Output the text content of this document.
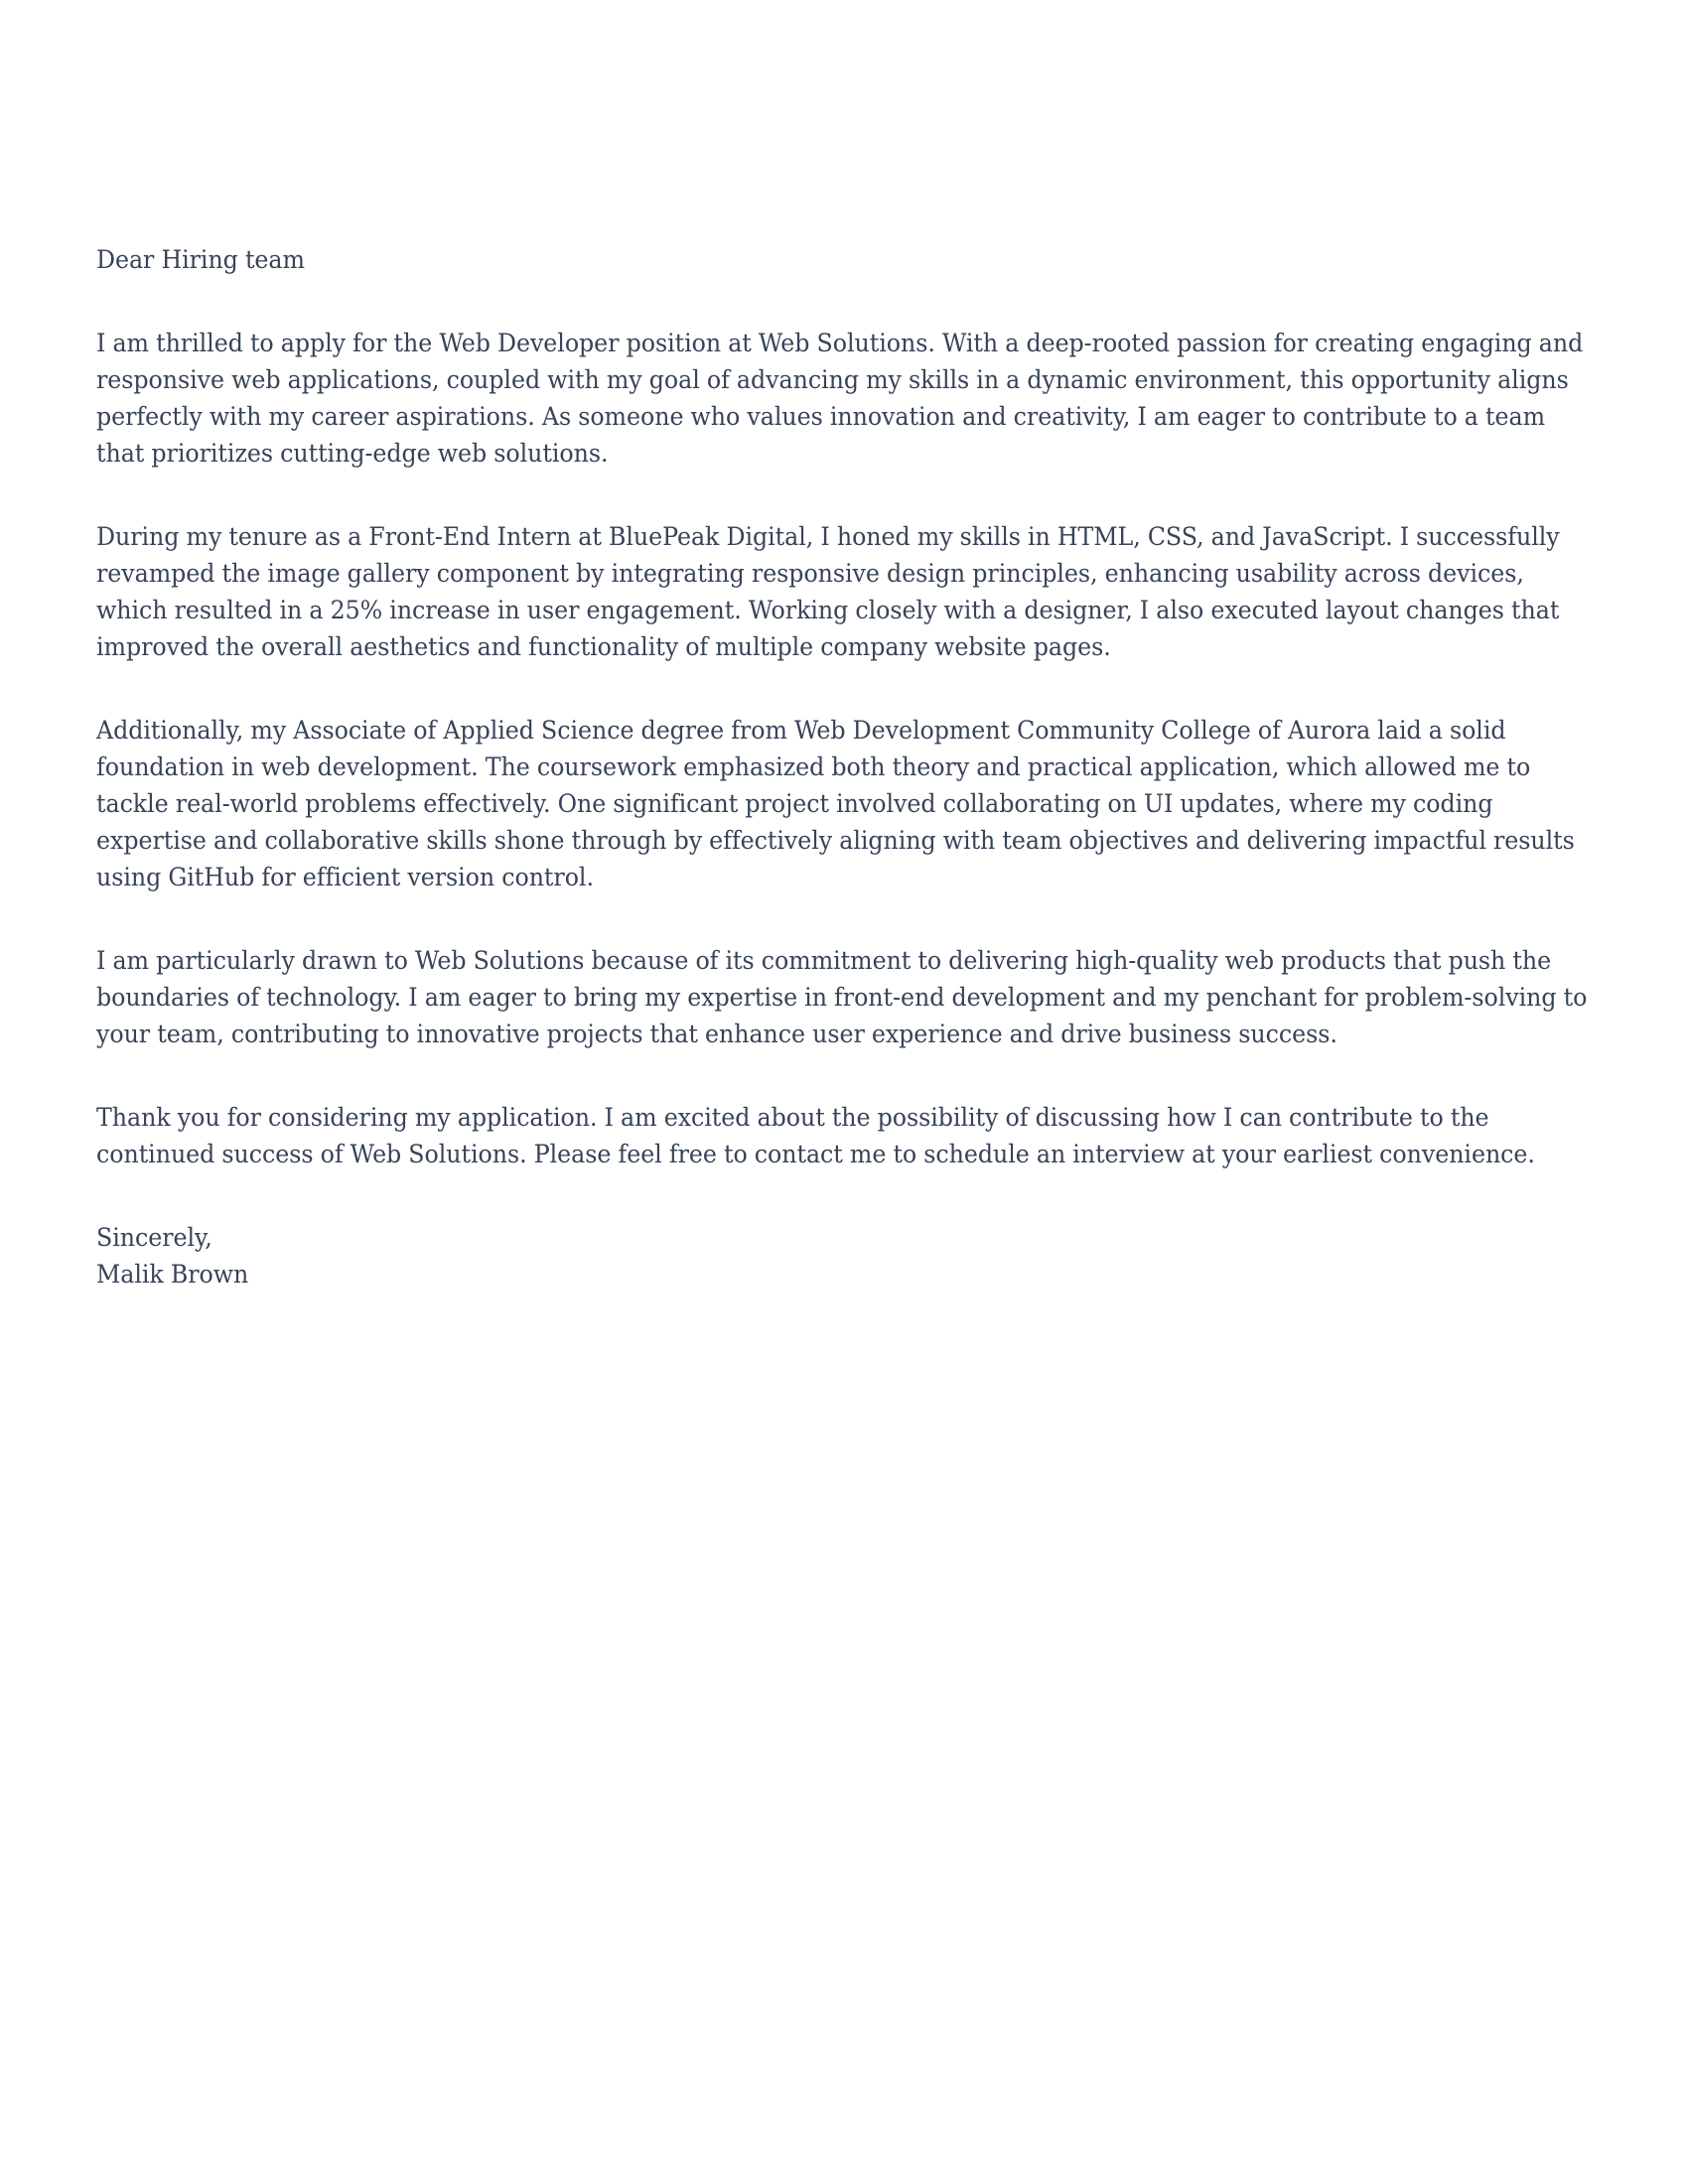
Dear Hiring team

I am thrilled to apply for the Web Developer position at Web Solutions. With a deep-rooted passion for creating engaging and responsive web applications, coupled with my goal of advancing my skills in a dynamic environment, this opportunity aligns perfectly with my career aspirations. As someone who values innovation and creativity, I am eager to contribute to a team that prioritizes cutting-edge web solutions.

During my tenure as a Front-End Intern at BluePeak Digital, I honed my skills in HTML, CSS, and JavaScript. I successfully revamped the image gallery component by integrating responsive design principles, enhancing usability across devices, which resulted in a 25% increase in user engagement. Working closely with a designer, I also executed layout changes that improved the overall aesthetics and functionality of multiple company website pages.

Additionally, my Associate of Applied Science degree from Web Development Community College of Aurora laid a solid foundation in web development. The coursework emphasized both theory and practical application, which allowed me to tackle real-world problems effectively. One significant project involved collaborating on UI updates, where my coding expertise and collaborative skills shone through by effectively aligning with team objectives and delivering impactful results using GitHub for efficient version control.

I am particularly drawn to Web Solutions because of its commitment to delivering high-quality web products that push the boundaries of technology. I am eager to bring my expertise in front-end development and my penchant for problem-solving to your team, contributing to innovative projects that enhance user experience and drive business success.

Thank you for considering my application. I am excited about the possibility of discussing how I can contribute to the continued success of Web Solutions. Please feel free to contact me to schedule an interview at your earliest convenience.

Sincerely,

Malik Brown
